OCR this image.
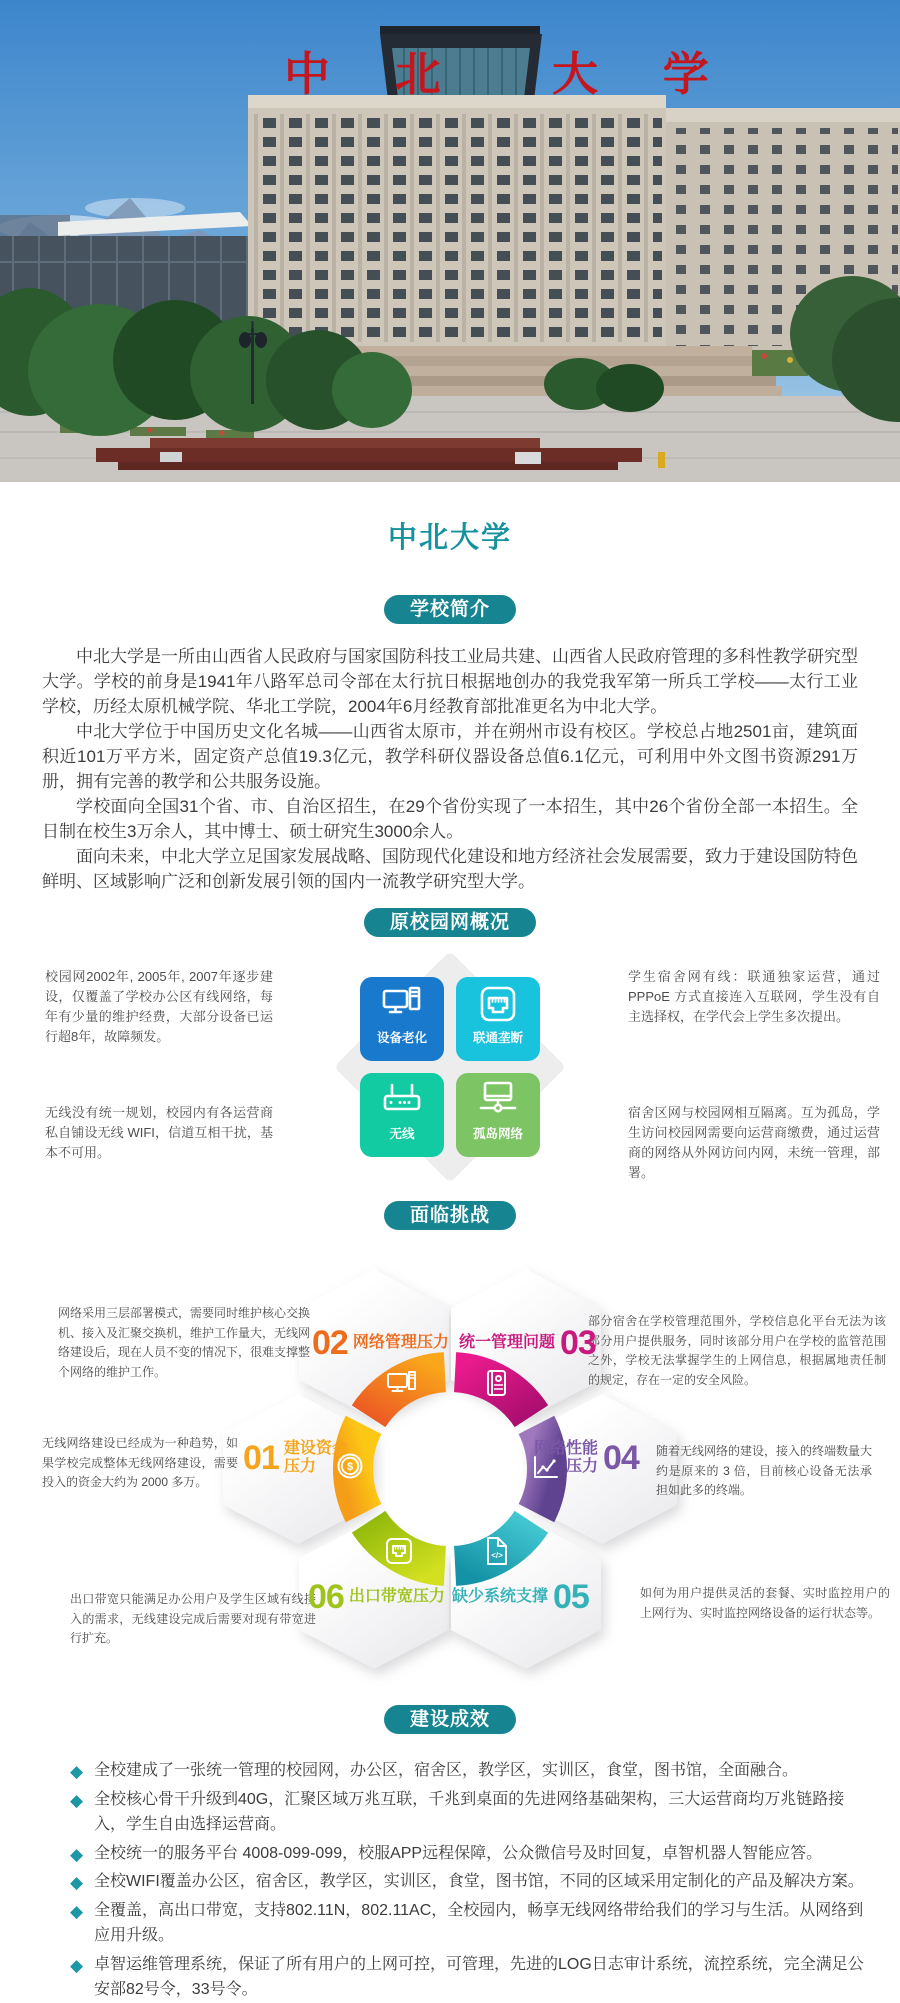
中 北 大 学
中北大学
学校简介

中北大学是一所由山西省人民政府与国家国防科技工业局共建、山西省人民政府管理的多科性教学研究型大学。学校的前身是1941年八路军总司令部在太行抗日根据地创办的我党我军第一所兵工学校——太行工业学校，历经太原机械学院、华北工学院，2004年6月经教育部批准更名为中北大学。

中北大学位于中国历史文化名城——山西省太原市，并在朔州市设有校区。学校总占地2501亩，建筑面积近101万平方米，固定资产总值19.3亿元，教学科研仪器设备总值6.1亿元，可利用中外文图书资源291万册，拥有完善的教学和公共服务设施。

学校面向全国31个省、市、自治区招生，在29个省份实现了一本招生，其中26个省份全部一本招生。全日制在校生3万余人，其中博士、硕士研究生3000余人。

面向未来，中北大学立足国家发展战略、国防现代化建设和地方经济社会发展需要，致力于建设国防特色鲜明、区域影响广泛和创新发展引领的国内一流教学研究型大学。

原校园网概况
校园网2002年, 2005年, 2007年逐步建设，仅覆盖了学校办公区有线网络，每年有少量的维护经费，大部分设备已运行超8年，故障频发。
无线没有统一规划，校园内有各运营商私自铺设无线 WIFI，信道互相干扰，基本不可用。
学生宿舍网有线：联通独家运营，通过 PPPoE 方式直接连入互联网，学生没有自主选择权，在学代会上学生多次提出。
宿舍区网与校园网相互隔离。互为孤岛，学生访问校园网需要向运营商缴费，通过运营商的网络从外网访问内网，未统一管理，部署。
设备老化	联通垄断
无线	孤岛网络
面临挑战
</>
$
02 网络管理压力 统一管理问题 03
01 建设资金压力
网络性能压力 04
06 出口带宽压力 缺少系统支撑 05
网络采用三层部署模式，需要同时维护核心交换机、接入及汇聚交换机，维护工作量大，无线网络建设后，现在人员不变的情况下，很难支撑整个网络的维护工作。
部分宿舍在学校管理范围外，学校信息化平台无法为该部分用户提供服务，同时该部分用户在学校的监管范围之外，学校无法掌握学生的上网信息，根据属地责任制的规定，存在一定的安全风险。
无线网络建设已经成为一种趋势，如果学校完成整体无线网络建设，需要投入的资金大约为 2000 多万。
随着无线网络的建设，接入的终端数量大约是原来的 3 倍，目前核心设备无法承担如此多的终端。
出口带宽只能满足办公用户及学生区域有线接入的需求，无线建设完成后需要对现有带宽进行扩充。
如何为用户提供灵活的套餐、实时监控用户的上网行为、实时监控网络设备的运行状态等。
建设成效
◆ 全校建成了一张统一管理的校园网，办公区，宿舍区，教学区，实训区，食堂，图书馆，全面融合。
◆ 全校核心骨干升级到40G，汇聚区域万兆互联，千兆到桌面的先进网络基础架构，三大运营商均万兆链路接入，学生自由选择运营商。
◆ 全校统一的服务平台 4008-099-099，校服APP远程保障，公众微信号及时回复，卓智机器人智能应答。
◆ 全校WIFI覆盖办公区，宿舍区，教学区，实训区，食堂，图书馆，不同的区域采用定制化的产品及解决方案。
◆ 全覆盖，高出口带宽，支持802.11N，802.11AC，全校园内，畅享无线网络带给我们的学习与生活。从网络到应用升级。
◆ 卓智运维管理系统，保证了所有用户的上网可控，可管理，先进的LOG日志审计系统，流控系统，完全满足公安部82号令，33号令。
